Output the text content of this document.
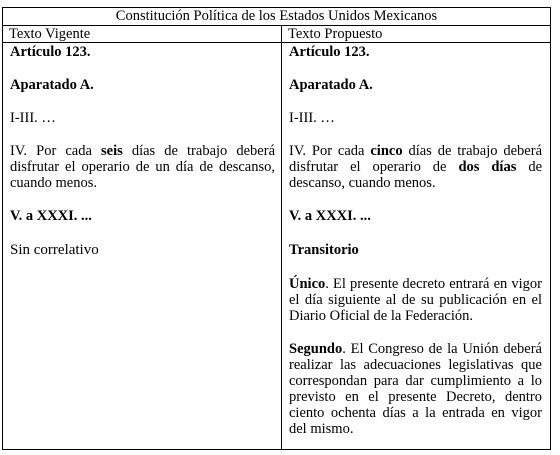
Constitución Política de los Estados Unidos Mexicanos
Texto Vigente	Texto Propuesto

Artículo 123.

Aparatado A.

I-III. …

IV. Por cada seis días de trabajo deberá disfrutar el operario de un día de descanso, cuando menos.

V. a XXXI. ...

Sin correlativo

Artículo 123.

Aparatado A.

I-III. …

IV. Por cada cinco días de trabajo deberá disfrutar el operario de dos días de descanso, cuando menos.

V. a XXXI. ...

Transitorio

Único. El presente decreto entrará en vigor el día siguiente al de su publicación en el Diario Oficial de la Federación.

Segundo. El Congreso de la Unión deberá realizar las adecuaciones legislativas que correspondan para dar cumplimiento a lo previsto en el presente Decreto, dentro ciento ochenta días a la entrada en vigor del mismo.
